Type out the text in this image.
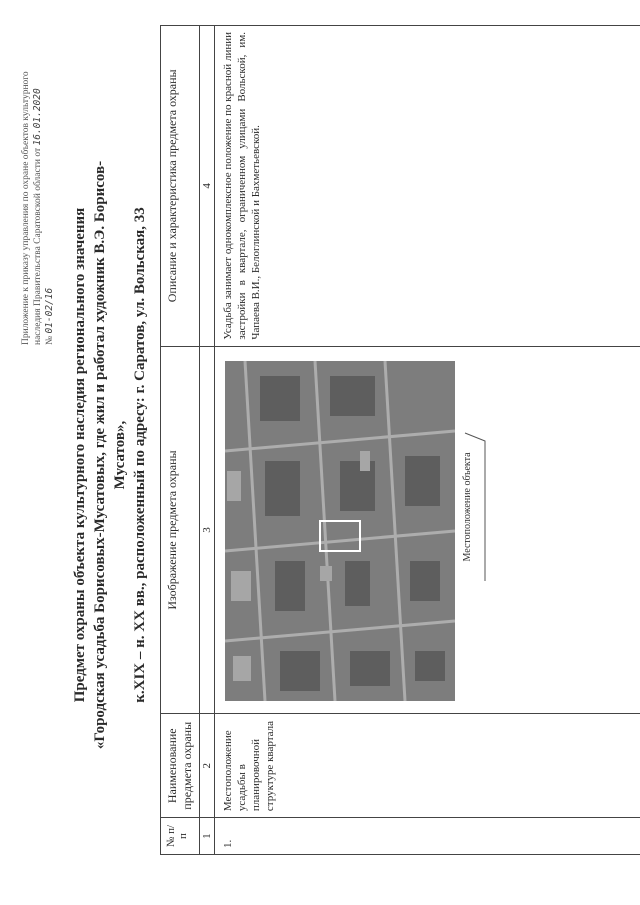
Приложение к приказу управления по охране объектов культурного наследия Правительства Саратовской области от 16.01.2020
№ 01-02/16 Предмет охраны объекта культурного наследия регионального значения «Городская усадьба Борисовых-Мусатовых, где жил и работал художник В.Э. Борисов-Мусатов», к.XIX – н. XX вв., расположенный по адресу: г. Саратов, ул. Вольская, 33
№ п/п	Наименование предмета охраны	Изображение предмета охраны	Описание и характеристика предмета охраны
1	2	3	4
1.	Местоположение усадьбы в планировочной структуре квартала	Местоположение объекта	Усадьба занимает однокомплексное положение по красной линии застройки в квартале, ограниченном улицами Вольской, им. Чапаева В.И., Белоглинской и Бахметьевской.
